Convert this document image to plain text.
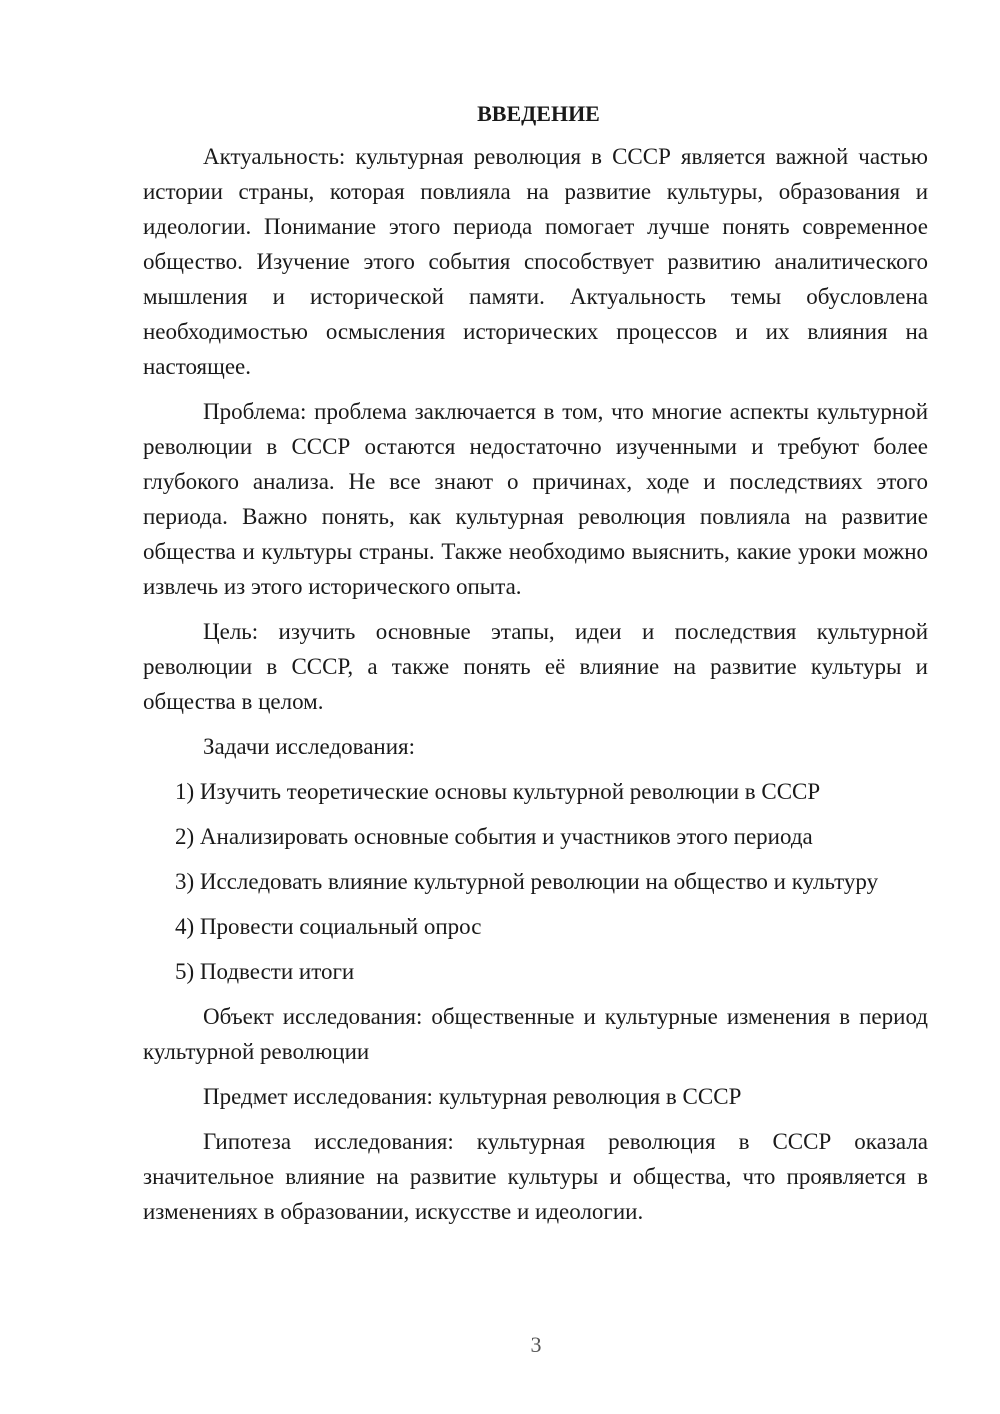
ВВЕДЕНИЕ

Актуальность: культурная революция в СССР является важной частью истории страны, которая повлияла на развитие культуры, образования и идеологии. Понимание этого периода помогает лучше понять современное общество. Изучение этого события способствует развитию аналитического мышления и исторической памяти. Актуальность темы обусловлена необходимостью осмысления исторических процессов и их влияния на настоящее.

Проблема: проблема заключается в том, что многие аспекты культурной революции в СССР остаются недостаточно изученными и требуют более глубокого анализа. Не все знают о причинах, ходе и последствиях этого периода. Важно понять, как культурная революция повлияла на развитие общества и культуры страны. Также необходимо выяснить, какие уроки можно извлечь из этого исторического опыта.

Цель: изучить основные этапы, идеи и последствия культурной революции в СССР, а также понять её влияние на развитие культуры и общества в целом.

Задачи исследования:

1) Изучить теоретические основы культурной революции в СССР

2) Анализировать основные события и участников этого периода

3) Исследовать влияние культурной революции на общество и культуру

4) Провести социальный опрос

5) Подвести итоги

Объект исследования: общественные и культурные изменения в период культурной революции

Предмет исследования: культурная революция в СССР

Гипотеза исследования: культурная революция в СССР оказала значительное влияние на развитие культуры и общества, что проявляется в изменениях в образовании, искусстве и идеологии.

3
